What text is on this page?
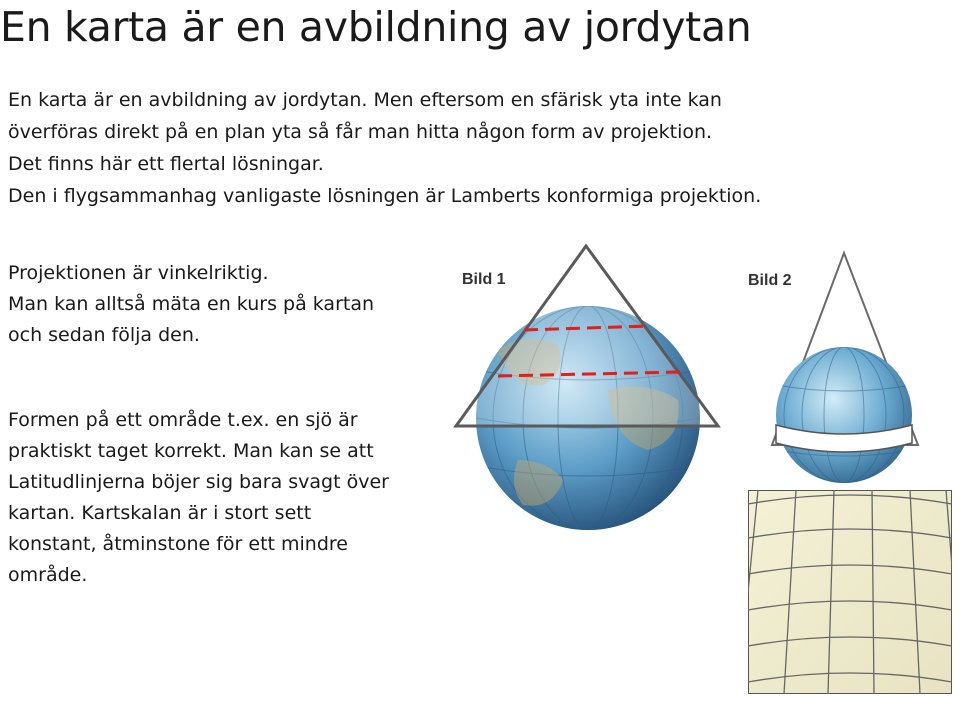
En karta är en avbildning av jordytan
En karta är en avbildning av jordytan. Men eftersom en sfärisk yta inte kan
överföras direkt på en plan yta så får man hitta någon form av projektion.
Det finns här ett flertal lösningar.
Den i flygsammanhag vanligaste lösningen är Lamberts konformiga projektion.
Projektionen är vinkelriktig.
Man kan alltså mäta en kurs på kartan
och sedan följa den.
Formen på ett område t.ex. en sjö är
praktiskt taget korrekt. Man kan se att
Latitudlinjerna böjer sig bara svagt över
kartan. Kartskalan är i stort sett
konstant, åtminstone för ett mindre
område.
Bild 1	Bild 2
